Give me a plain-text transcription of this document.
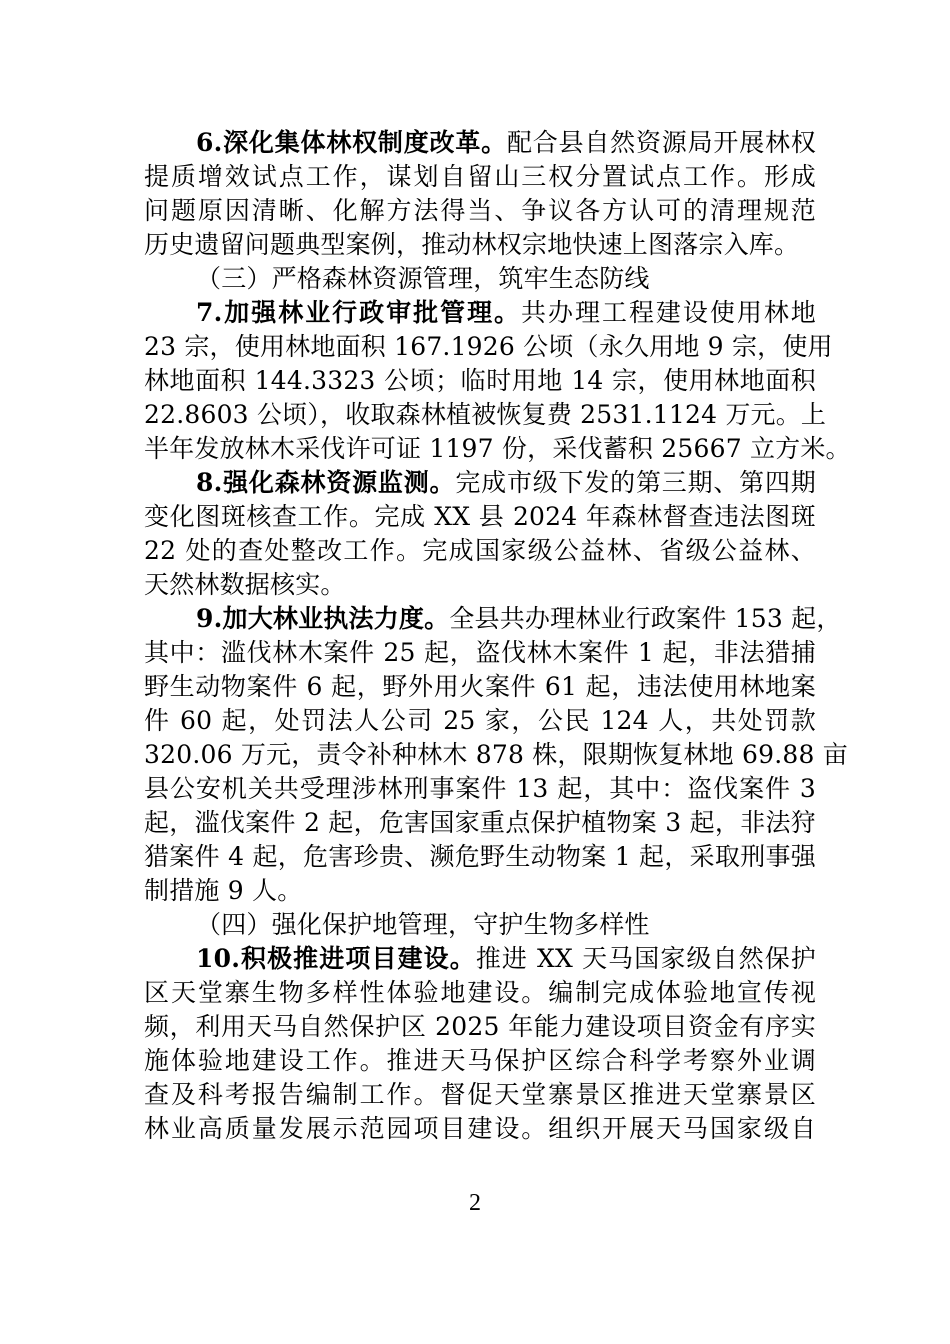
6.深化集体林权制度改革。配合县自然资源局开展林权
提质增效试点工作，谋划自留山三权分置试点工作。形成
问题原因清晰、化解方法得当、争议各方认可的清理规范
历史遗留问题典型案例，推动林权宗地快速上图落宗入库。
（三）严格森林资源管理，筑牢生态防线
7.加强林业行政审批管理。共办理工程建设使用林地
23 宗，使用林地面积 167.1926 公顷（永久用地 9 宗，使用
林地面积 144.3323 公顷；临时用地 14 宗，使用林地面积
22.8603 公顷），收取森林植被恢复费 2531.1124 万元。上
半年发放林木采伐许可证 1197 份，采伐蓄积 25667 立方米。
8.强化森林资源监测。完成市级下发的第三期、第四期
变化图斑核查工作。完成 XX 县 2024 年森林督查违法图斑
22 处的查处整改工作。完成国家级公益林、省级公益林、
天然林数据核实。
9.加大林业执法力度。全县共办理林业行政案件 153 起，
其中：滥伐林木案件 25 起，盗伐林木案件 1 起，非法猎捕
野生动物案件 6 起，野外用火案件 61 起，违法使用林地案
件 60 起，处罚法人公司 25 家，公民 124 人，共处罚款
320.06 万元，责令补种林木 878 株，限期恢复林地 69.88 亩
县公安机关共受理涉林刑事案件 13 起，其中：盗伐案件 3
起，滥伐案件 2 起，危害国家重点保护植物案 3 起，非法狩
猎案件 4 起，危害珍贵、濒危野生动物案 1 起，采取刑事强
制措施 9 人。
（四）强化保护地管理，守护生物多样性
10.积极推进项目建设。推进 XX 天马国家级自然保护
区天堂寨生物多样性体验地建设。编制完成体验地宣传视
频，利用天马自然保护区 2025 年能力建设项目资金有序实
施体验地建设工作。推进天马保护区综合科学考察外业调
查及科考报告编制工作。督促天堂寨景区推进天堂寨景区
林业高质量发展示范园项目建设。组织开展天马国家级自
2
